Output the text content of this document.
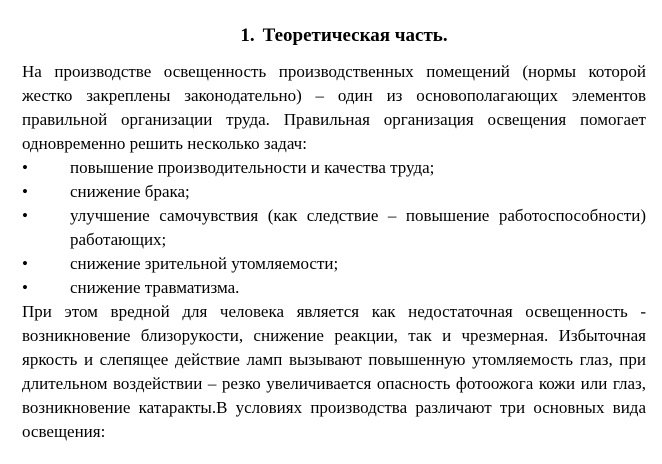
1. Теоретическая часть.

На производстве освещенность производственных помещений (нормы которой жестко закреплены законодательно) – один из основополагающих элементов правильной организации труда. Правильная организация освещения помогает одновременно решить несколько задач:

• повышение производительности и качества труда;
• снижение брака;
• улучшение самочувствия (как следствие – повышение работоспособности) работающих;
• снижение зрительной утомляемости;
• снижение травматизма.

При этом вредной для человека является как недостаточная освещенность - возникновение близорукости, снижение реакции, так и чрезмерная. Избыточная яркость и слепящее действие ламп вызывают повышенную утомляемость глаз, при длительном воздействии – резко увеличивается опасность фотоожога кожи или глаз, возникновение катаракты.В условиях производства различают три основных вида освещения:
